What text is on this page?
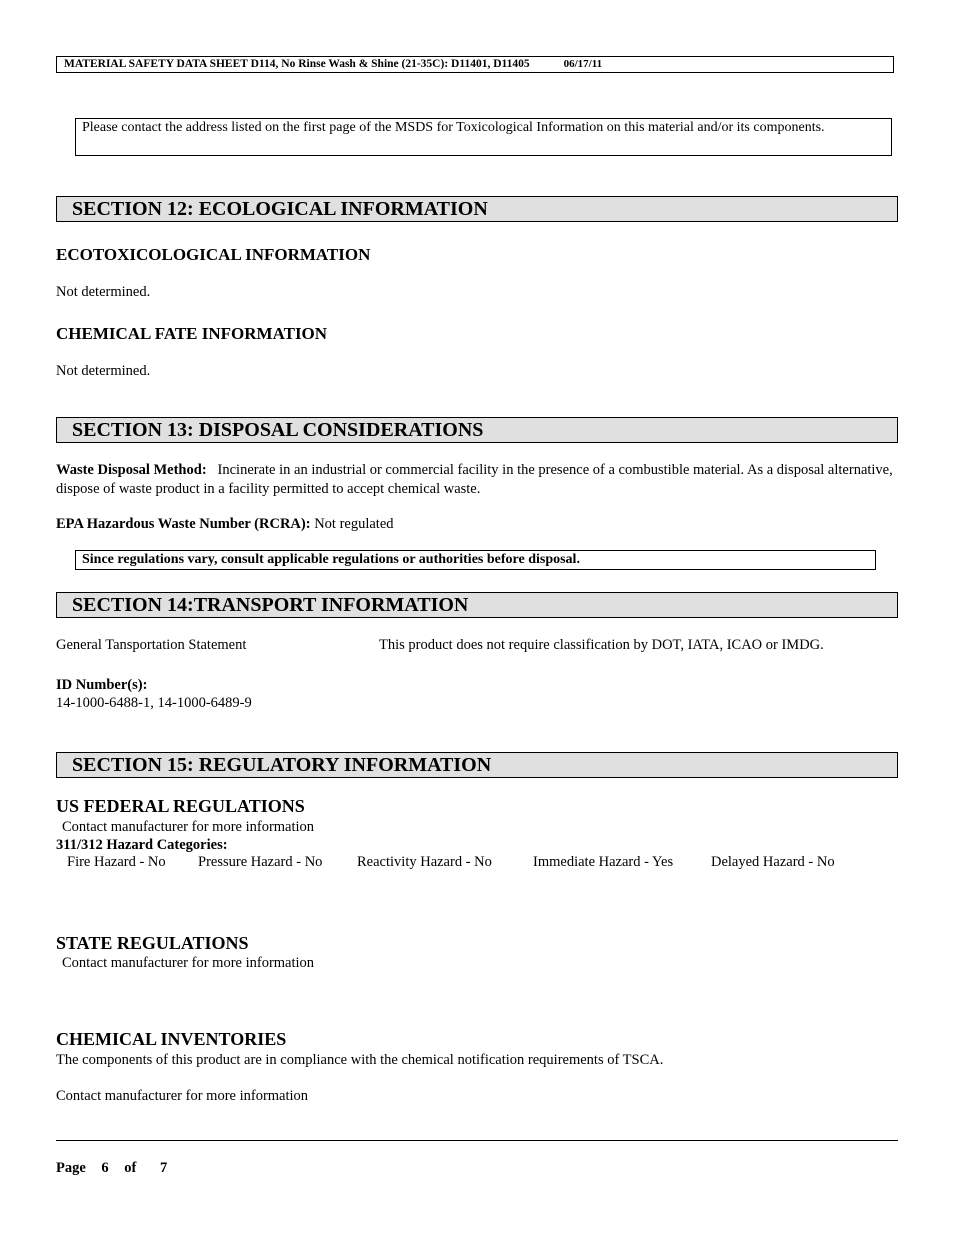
MATERIAL SAFETY DATA SHEET D114, No Rinse Wash & Shine (21-35C): D11401, D11405	06/17/11
Please contact the address listed on the first page of the MSDS for Toxicological Information on this material and/or its components.
SECTION 12: ECOLOGICAL INFORMATION
ECOTOXICOLOGICAL INFORMATION
Not determined.
CHEMICAL FATE INFORMATION
Not determined.
SECTION 13: DISPOSAL CONSIDERATIONS
Waste Disposal Method: Incinerate in an industrial or commercial facility in the presence of a combustible material. As a disposal alternative, dispose of waste product in a facility permitted to accept chemical waste.
EPA Hazardous Waste Number (RCRA): Not regulated
Since regulations vary, consult applicable regulations or authorities before disposal.
SECTION 14:TRANSPORT INFORMATION
General Tansportation Statement	This product does not require classification by DOT, IATA, ICAO or IMDG.
ID Number(s):
14-1000-6488-1, 14-1000-6489-9
SECTION 15: REGULATORY INFORMATION
US FEDERAL REGULATIONS
Contact manufacturer for more information
311/312 Hazard Categories:
Fire Hazard - No Pressure Hazard - No Reactivity Hazard - No	Immediate Hazard - Yes	Delayed Hazard - No
STATE REGULATIONS
Contact manufacturer for more information
CHEMICAL INVENTORIES
The components of this product are in compliance with the chemical notification requirements of TSCA.
Contact manufacturer for more information
Page 6 of 7
